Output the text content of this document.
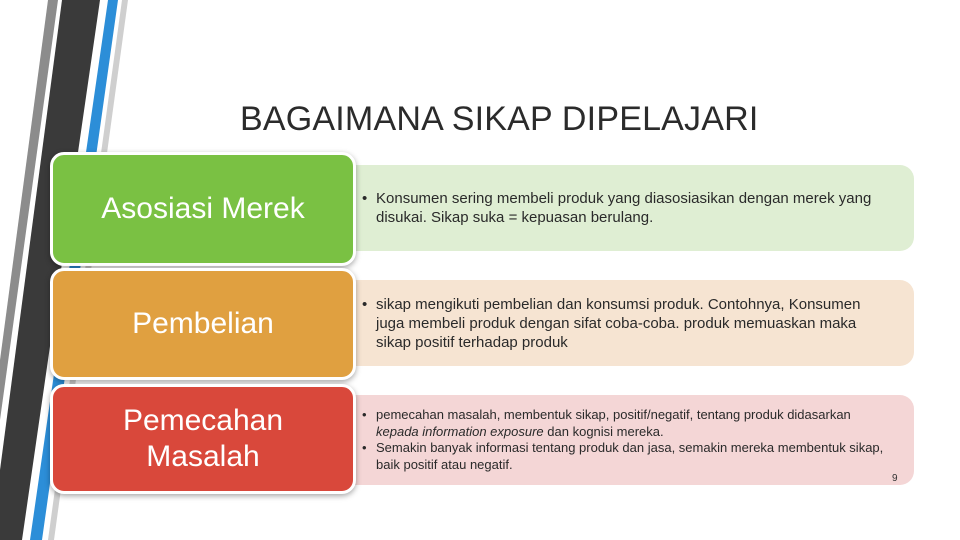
BAGAIMANA SIKAP DIPELAJARI
• Konsumen sering membeli produk yang diasosiasikan dengan merek yang disukai. Sikap suka = kepuasan berulang.
Asosiasi Merek
• sikap mengikuti pembelian dan konsumsi produk. Contohnya, Konsumen juga membeli produk dengan sifat coba-coba. produk memuaskan maka sikap positif terhadap produk
Pembelian
• pemecahan masalah, membentuk sikap, positif/negatif, tentang produk didasarkan kepada information exposure dan kognisi mereka.
• Semakin banyak informasi tentang produk dan jasa, semakin mereka membentuk sikap, baik positif atau negatif.
Pemecahan
Masalah
9
